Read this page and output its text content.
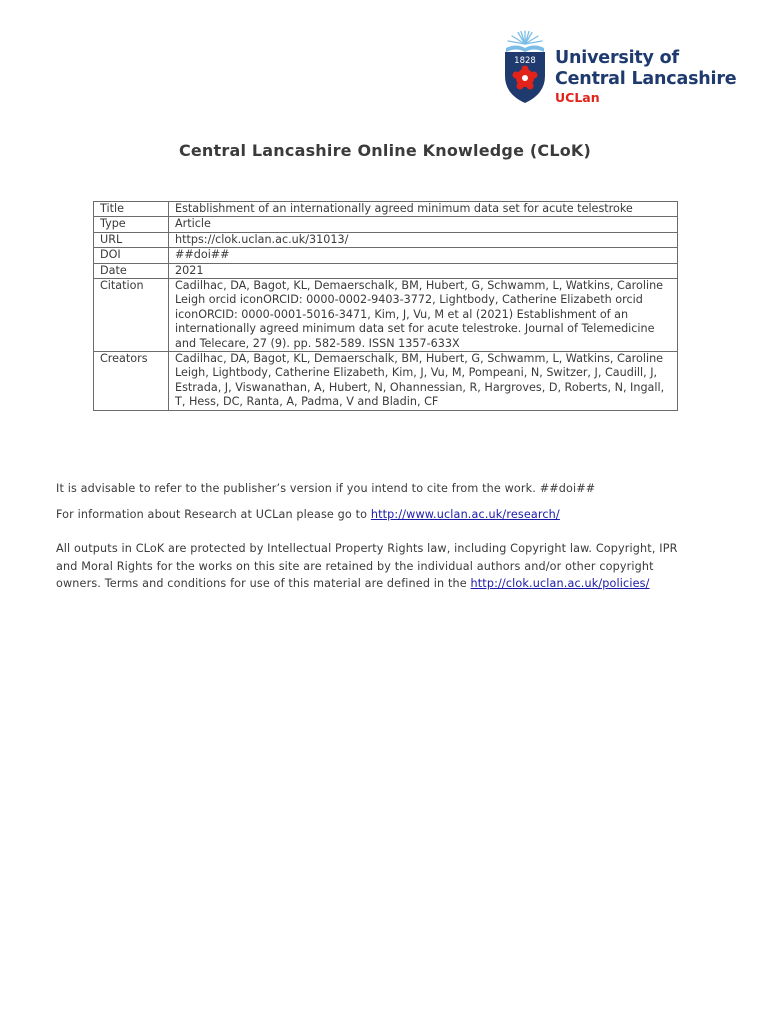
1828 University of
Central Lancashire
UCLan
Central Lancashire Online Knowledge (CLoK)
Title	Establishment of an internationally agreed minimum data set for acute telestroke
Type	Article
URL	https://clok.uclan.ac.uk/31013/
DOI	##doi##
Date	2021
Citation	Cadilhac, DA, Bagot, KL, Demaerschalk, BM, Hubert, G, Schwamm, L, Watkins, Caroline Leigh orcid iconORCID: 0000-0002-9403-3772, Lightbody, Catherine Elizabeth orcid iconORCID: 0000-0001-5016-3471, Kim, J, Vu, M et al (2021) Establishment of an internationally agreed minimum data set for acute telestroke. Journal of Telemedicine and Telecare, 27 (9). pp. 582-589. ISSN 1357-633X
Creators	Cadilhac, DA, Bagot, KL, Demaerschalk, BM, Hubert, G, Schwamm, L, Watkins, Caroline Leigh, Lightbody, Catherine Elizabeth, Kim, J, Vu, M, Pompeani, N, Switzer, J, Caudill, J, Estrada, J, Viswanathan, A, Hubert, N, Ohannessian, R, Hargroves, D, Roberts, N, Ingall, T, Hess, DC, Ranta, A, Padma, V and Bladin, CF
It is advisable to refer to the publisher’s version if you intend to cite from the work. ##doi##
For information about Research at UCLan please go to http://www.uclan.ac.uk/research/
All outputs in CLoK are protected by Intellectual Property Rights law, including Copyright law. Copyright, IPR and Moral Rights for the works on this site are retained by the individual authors and/or other copyright owners. Terms and conditions for use of this material are defined in the http://clok.uclan.ac.uk/policies/
